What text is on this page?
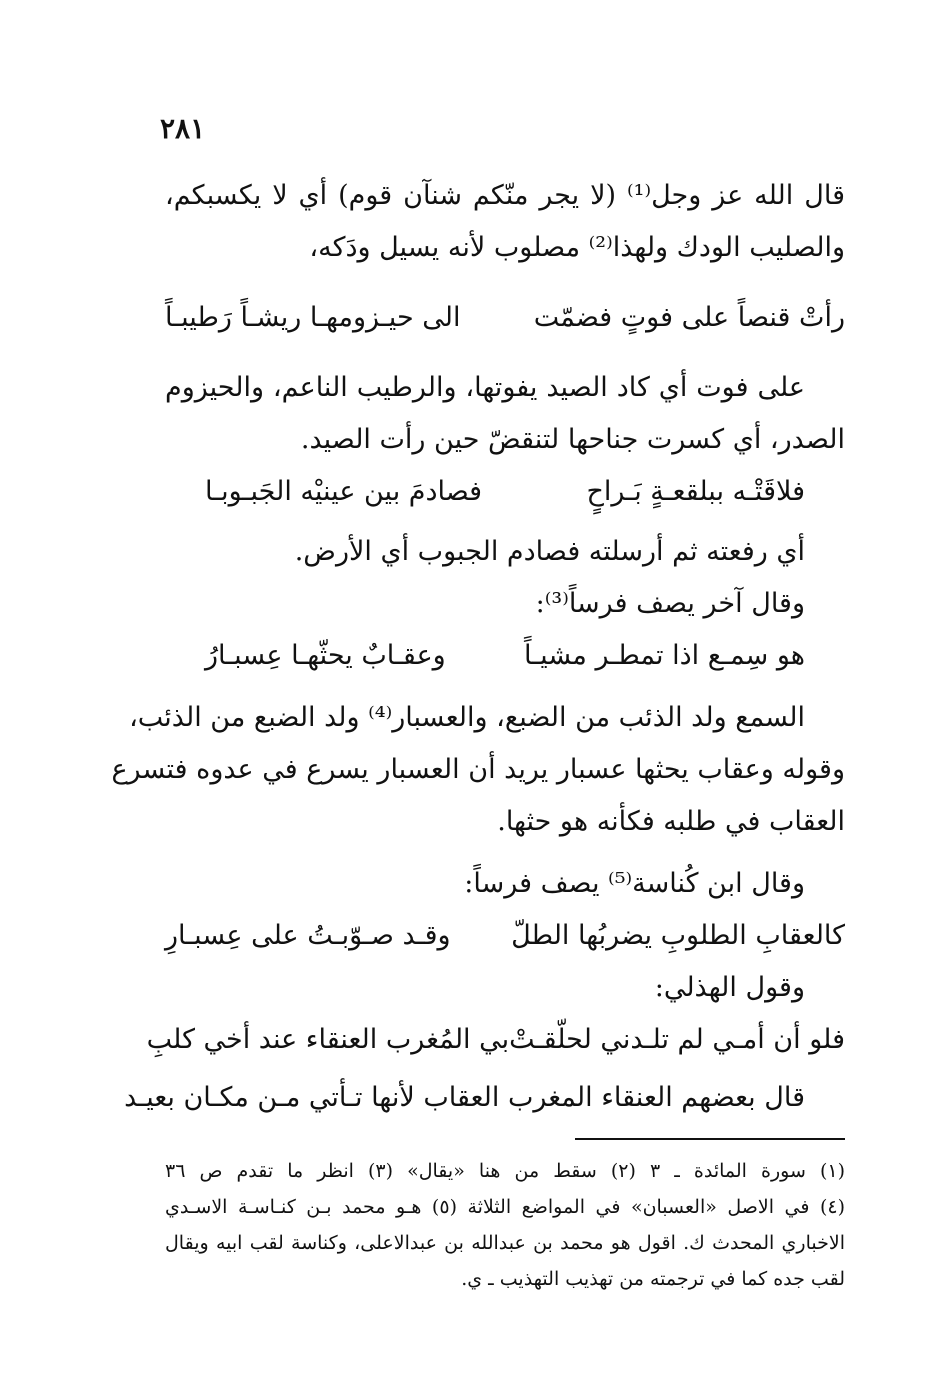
٢٨١
قال الله عز وجل⁽¹⁾ (لا يجر منّكم شنآن قوم) أي لا يكسبكم،
والصليب الودك ولهذا⁽²⁾ مصلوب لأنه يسيل ودَكه،
رأتْ قنصاً على فوتٍ فضمّت
الى حيـزومهـا ريشـاً رَطيبـاً
على فوت أي كاد الصيد يفوتها، والرطيب الناعم، والحيزوم
الصدر، أي كسرت جناحها لتنقضّ حين رأت الصيد.
فلاقَتْـه ببلقعـةٍ بَـراحٍ
فصادمَ بين عينيْه الجَبـوبـا
أي رفعته ثم أرسلته فصادم الجبوب أي الأرض.
وقال آخر يصف فرساً⁽³⁾:
هو سِمـع اذا تمطـر مشيـاً
وعقـابٌ يحثّهـا عِسبـارُ
السمع ولد الذئب من الضبع، والعسبار⁽⁴⁾ ولد الضبع من الذئب،
وقوله وعقاب يحثها عسبار يريد أن العسبار يسرع في عدوه فتسرع
العقاب في طلبه فكأنه هو حثها.
وقال ابن كُناسة⁽⁵⁾ يصف فرساً:
كالعقابِ الطلوبِ يضربُها الطلّ
وقـد صـوّبـتُ على عِسبـارِ
وقول الهذلي:
فلو أن أمـي لم تلـدني لحلّقـتْ
بي المُغرب العنقاء عند أخي كلبِ
قال بعضهم العنقاء المغرب العقاب لأنها تـأتي مـن مكـان بعيـد
(١) سورة المائدة ـ ٣ (٢) سقط من هنا «يقال» (٣) انظر ما تقدم ص ٣٦
(٤) في الاصل «العسبان» في المواضع الثلاثة (٥) هـو محمد بـن كنـاسـة الاسـدي
الاخباري المحدث ك. اقول هو محمد بن عبدالله بن عبدالاعلى، وكناسة لقب ابيه ويقال
لقب جده كما في ترجمته من تهذيب التهذيب ـ ي.
